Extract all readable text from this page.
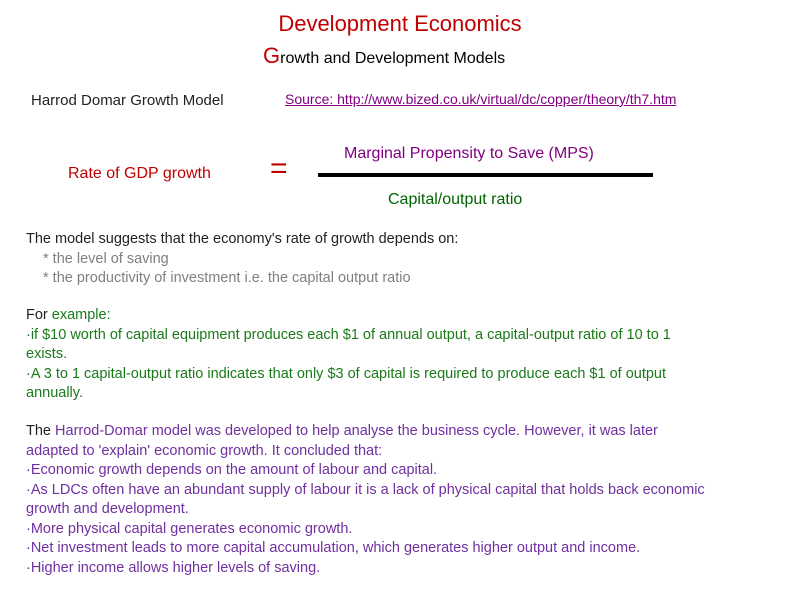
Development Economics
Growth and Development Models
Harrod Domar Growth Model	Source: http://www.bized.co.uk/virtual/dc/copper/theory/th7.htm
Rate of GDP growth =	Marginal Propensity to Save (MPS)
Capital/output ratio
The model suggests that the economy's rate of growth depends on:
* the level of saving
* the productivity of investment i.e. the capital output ratio
For example:
·if $10 worth of capital equipment produces each $1 of annual output, a capital-output ratio of 10 to 1
exists.
·A 3 to 1 capital-output ratio indicates that only $3 of capital is required to produce each $1 of output
annually.
The Harrod-Domar model was developed to help analyse the business cycle. However, it was later
adapted to 'explain' economic growth. It concluded that:
·Economic growth depends on the amount of labour and capital.
·As LDCs often have an abundant supply of labour it is a lack of physical capital that holds back economic
growth and development.
·More physical capital generates economic growth.
·Net investment leads to more capital accumulation, which generates higher output and income.
·Higher income allows higher levels of saving.
